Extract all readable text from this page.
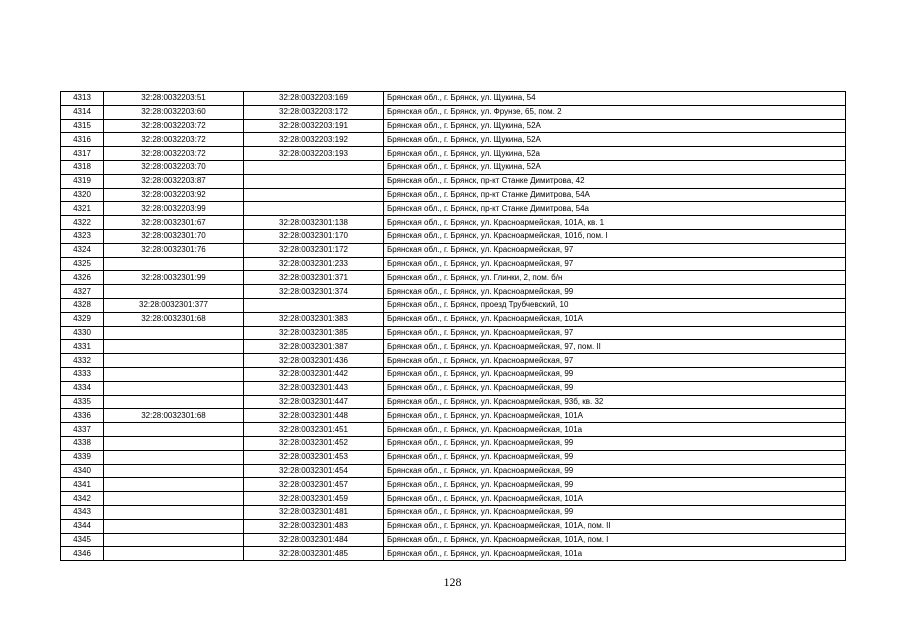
4313	32:28:0032203:51	32:28:0032203:169	Брянская обл., г. Брянск, ул. Щукина, 54
4314	32:28:0032203:60	32:28:0032203:172	Брянская обл., г. Брянск, ул. Фрунзе, 65, пом. 2
4315	32:28:0032203:72	32:28:0032203:191	Брянская обл., г. Брянск, ул. Щукина, 52А
4316	32:28:0032203:72	32:28:0032203:192	Брянская обл., г. Брянск, ул. Щукина, 52А
4317	32:28:0032203:72	32:28:0032203:193	Брянская обл., г. Брянск, ул. Щукина, 52а
4318	32:28:0032203:70		Брянская обл., г. Брянск, ул. Щукина, 52А
4319	32:28:0032203:87		Брянская обл., г. Брянск, пр-кт Станке Димитрова, 42
4320	32:28:0032203:92		Брянская обл., г. Брянск, пр-кт Станке Димитрова, 54А
4321	32:28:0032203:99		Брянская обл., г. Брянск, пр-кт Станке Димитрова, 54а
4322	32:28:0032301:67	32:28:0032301:138	Брянская обл., г. Брянск, ул. Красноармейская, 101А, кв. 1
4323	32:28:0032301:70	32:28:0032301:170	Брянская обл., г. Брянск, ул. Красноармейская, 101б, пом. I
4324	32:28:0032301:76	32:28:0032301:172	Брянская обл., г. Брянск, ул. Красноармейская, 97
4325		32:28:0032301:233	Брянская обл., г. Брянск, ул. Красноармейская, 97
4326	32:28:0032301:99	32:28:0032301:371	Брянская обл., г. Брянск, ул. Глинки, 2, пом. б/н
4327		32:28:0032301:374	Брянская обл., г. Брянск, ул. Красноармейская, 99
4328	32:28:0032301:377		Брянская обл., г. Брянск, проезд Трубчевский, 10
4329	32:28:0032301:68	32:28:0032301:383	Брянская обл., г. Брянск, ул. Красноармейская, 101А
4330		32:28:0032301:385	Брянская обл., г. Брянск, ул. Красноармейская, 97
4331		32:28:0032301:387	Брянская обл., г. Брянск, ул. Красноармейская, 97, пом. II
4332		32:28:0032301:436	Брянская обл., г. Брянск, ул. Красноармейская, 97
4333		32:28:0032301:442	Брянская обл., г. Брянск, ул. Красноармейская, 99
4334		32:28:0032301:443	Брянская обл., г. Брянск, ул. Красноармейская, 99
4335		32:28:0032301:447	Брянская обл., г. Брянск, ул. Красноармейская, 93б, кв. 32
4336	32:28:0032301:68	32:28:0032301:448	Брянская обл., г. Брянск, ул. Красноармейская, 101А
4337		32:28:0032301:451	Брянская обл., г. Брянск, ул. Красноармейская, 101а
4338		32:28:0032301:452	Брянская обл., г. Брянск, ул. Красноармейская, 99
4339		32:28:0032301:453	Брянская обл., г. Брянск, ул. Красноармейская, 99
4340		32:28:0032301:454	Брянская обл., г. Брянск, ул. Красноармейская, 99
4341		32:28:0032301:457	Брянская обл., г. Брянск, ул. Красноармейская, 99
4342		32:28:0032301:459	Брянская обл., г. Брянск, ул. Красноармейская, 101А
4343		32:28:0032301:481	Брянская обл., г. Брянск, ул. Красноармейская, 99
4344		32:28:0032301:483	Брянская обл., г. Брянск, ул. Красноармейская, 101А, пом. II
4345		32:28:0032301:484	Брянская обл., г. Брянск, ул. Красноармейская, 101А, пом. I
4346		32:28:0032301:485	Брянская обл., г. Брянск, ул. Красноармейская, 101а
128
